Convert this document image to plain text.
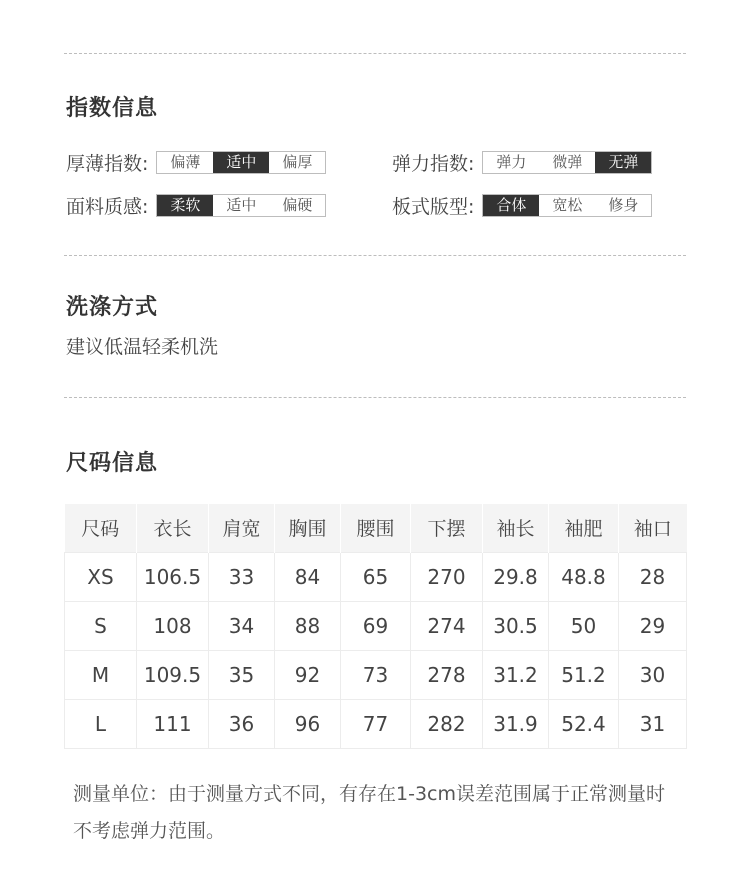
指数信息
厚薄指数:	偏薄	适中	偏厚	弹力指数:	弹力	微弹	无弹
面料质感:	柔软	适中	偏硬	板式版型:	合体	宽松	修身
洗涤方式
建议低温轻柔机洗
尺码信息
尺码	衣长	肩宽	胸围	腰围	下摆	袖长	袖肥	袖口
XS	106.5	33	84	65	270	29.8	48.8	28
S	108	34	88	69	274	30.5	50	29
M	109.5	35	92	73	278	31.2	51.2	30
L	111	36	96	77	282	31.9	52.4	31
测量单位：由于测量方式不同，有存在1-3cm误差范围属于正常测量时不考虑弹力范围。
